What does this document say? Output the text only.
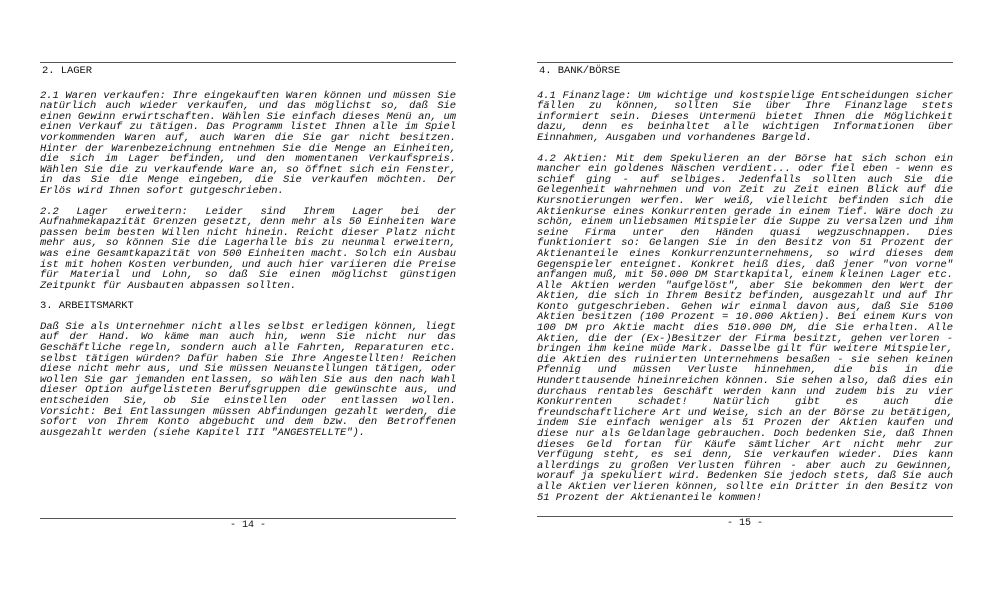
2. LAGER

2.1 Waren verkaufen: Ihre eingekauften Waren können und müssen Sie natürlich auch wieder verkaufen, und das möglichst so, daß Sie einen Gewinn erwirtschaften. Wählen Sie einfach dieses Menü an, um einen Verkauf zu tätigen. Das Programm listet Ihnen alle im Spiel vorkommenden Waren auf, auch Waren die Sie gar nicht besitzen. Hinter der Warenbezeichnung entnehmen Sie die Menge an Einheiten, die sich im Lager befinden, und den momentanen Verkaufspreis. Wählen Sie die zu verkaufende Ware an, so öffnet sich ein Fenster, in das Sie die Menge eingeben, die Sie verkaufen möchten. Der Erlös wird Ihnen sofort gutgeschrieben.

2.2 Lager erweitern: Leider sind Ihrem Lager bei der Aufnahmekapazität Grenzen gesetzt, denn mehr als 50 Einheiten Ware passen beim besten Willen nicht hinein. Reicht dieser Platz nicht mehr aus, so können Sie die Lagerhalle bis zu neunmal erweitern, was eine Gesamtkapazität von 500 Einheiten macht. Solch ein Ausbau ist mit hohen Kosten verbunden, und auch hier variieren die Preise für Material und Lohn, so daß Sie einen möglichst günstigen Zeitpunkt für Ausbauten abpassen sollten.

3. ARBEITSMARKT

Daß Sie als Unternehmer nicht alles selbst erledigen können, liegt auf der Hand. Wo käme man auch hin, wenn Sie nicht nur das Geschäftliche regeln, sondern auch alle Fahrten, Reparaturen etc. selbst tätigen würden? Dafür haben Sie Ihre Angestellten! Reichen diese nicht mehr aus, und Sie müssen Neuanstellungen tätigen, oder wollen Sie gar jemanden entlassen, so wählen Sie aus den nach Wahl dieser Option aufgelisteten Berufsgruppen die gewünschte aus, und entscheiden Sie, ob Sie einstellen oder entlassen wollen. Vorsicht: Bei Entlassungen müssen Abfindungen gezahlt werden, die sofort von Ihrem Konto abgebucht und dem bzw. den Betroffenen ausgezahlt werden (siehe Kapitel III "ANGESTELLTE").

- 14 -
4. BANK/BÖRSE

4.1 Finanzlage: Um wichtige und kostspielige Entscheidungen sicher fällen zu können, sollten Sie über Ihre Finanzlage stets informiert sein. Dieses Untermenü bietet Ihnen die Möglichkeit dazu, denn es beinhaltet alle wichtigen Informationen über Einnahmen, Ausgaben und vorhandenes Bargeld.

4.2 Aktien: Mit dem Spekulieren an der Börse hat sich schon ein mancher ein goldenes Näschen verdient... oder fiel eben - wenn es schief ging - auf selbiges. Jedenfalls sollten auch Sie die Gelegenheit wahrnehmen und von Zeit zu Zeit einen Blick auf die Kursnotierungen werfen. Wer weiß, vielleicht befinden sich die Aktienkurse eines Konkurrenten gerade in einem Tief. Wäre doch zu schön, einem unliebsamen Mitspieler die Suppe zu versalzen und ihm seine Firma unter den Händen quasi wegzuschnappen. Dies funktioniert so: Gelangen Sie in den Besitz von 51 Prozent der Aktienanteile eines Konkurrenzunternehmens, so wird dieses dem Gegenspieler enteignet. Konkret heiß dies, daß jener "von vorne" anfangen muß, mit 50.000 DM Startkapital, einem kleinen Lager etc. Alle Aktien werden "aufgelöst", aber Sie bekommen den Wert der Aktien, die sich in Ihrem Besitz befinden, ausgezahlt und auf Ihr Konto gutgeschrieben. Gehen wir einmal davon aus, daß Sie 5100 Aktien besitzen (100 Prozent = 10.000 Aktien). Bei einem Kurs von 100 DM pro Aktie macht dies 510.000 DM, die Sie erhalten. Alle Aktien, die der (Ex-)Besitzer der Firma besitzt, gehen verloren - bringen ihm keine müde Mark. Dasselbe gilt für weitere Mitspieler, die Aktien des ruinierten Unternehmens besaßen - sie sehen keinen Pfennig und müssen Verluste hinnehmen, die bis in die Hunderttausende hineinreichen können. Sie sehen also, daß dies ein durchaus rentables Geschäft werden kann und zudem bis zu vier Konkurrenten schadet! Natürlich gibt es auch die freundschaftlichere Art und Weise, sich an der Börse zu betätigen, indem Sie einfach weniger als 51 Prozen der Aktien kaufen und diese nur als Geldanlage gebrauchen. Doch bedenken Sie, daß Ihnen dieses Geld fortan für Käufe sämtlicher Art nicht mehr zur Verfügung steht, es sei denn, Sie verkaufen wieder. Dies kann allerdings zu großen Verlusten führen - aber auch zu Gewinnen, worauf ja spekuliert wird. Bedenken Sie jedoch stets, daß Sie auch alle Aktien verlieren können, sollte ein Dritter in den Besitz von 51 Prozent der Aktienanteile kommen!

- 15 -
